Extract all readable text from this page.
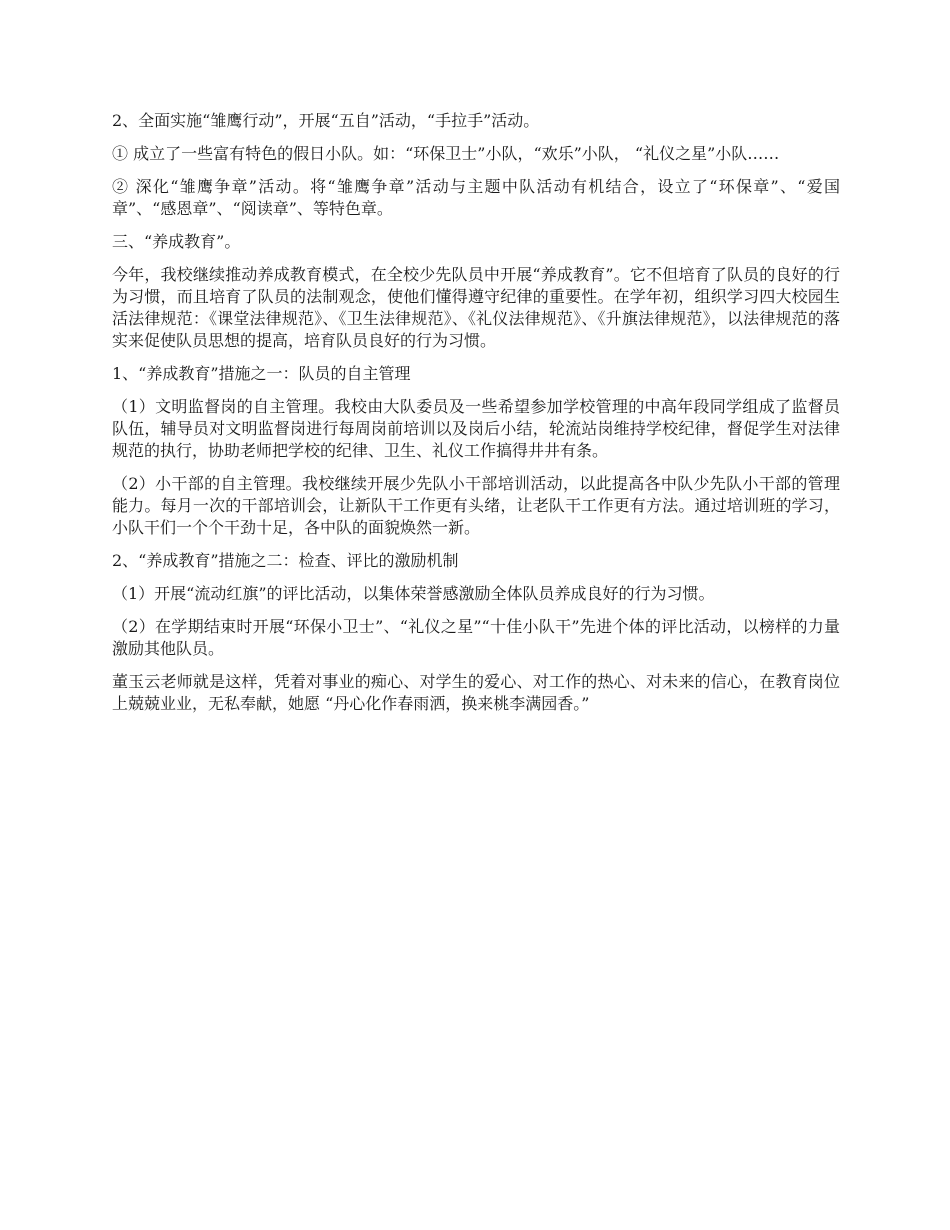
2、全面实施“雏鹰行动”，开展“五自”活动，“手拉手”活动。

① 成立了一些富有特色的假日小队。如：“环保卫士”小队，“欢乐”小队， “礼仪之星”小队……

② 深化“雏鹰争章”活动。将“雏鹰争章”活动与主题中队活动有机结合，设立了“环保章”、“爱国章”、“感恩章”、“阅读章”、等特色章。

三、“养成教育”。

今年，我校继续推动养成教育模式，在全校少先队员中开展“养成教育”。它不但培育了队员的良好的行为习惯，而且培育了队员的法制观念，使他们懂得遵守纪律的重要性。在学年初，组织学习四大校园生活法律规范：《课堂法律规范》、《卫生法律规范》、《礼仪法律规范》、《升旗法律规范》，以法律规范的落实来促使队员思想的提高，培育队员良好的行为习惯。

1、“养成教育”措施之一：队员的自主管理

（1）文明监督岗的自主管理。我校由大队委员及一些希望参加学校管理的中高年段同学组成了监督员队伍，辅导员对文明监督岗进行每周岗前培训以及岗后小结，轮流站岗维持学校纪律，督促学生对法律规范的执行，协助老师把学校的纪律、卫生、礼仪工作搞得井井有条。

（2）小干部的自主管理。我校继续开展少先队小干部培训活动，以此提高各中队少先队小干部的管理能力。每月一次的干部培训会，让新队干工作更有头绪，让老队干工作更有方法。通过培训班的学习，小队干们一个个干劲十足，各中队的面貌焕然一新。

2、“养成教育”措施之二：检查、评比的激励机制

（1）开展“流动红旗”的评比活动，以集体荣誉感激励全体队员养成良好的行为习惯。

（2）在学期结束时开展“环保小卫士”、“礼仪之星”“十佳小队干”先进个体的评比活动，以榜样的力量激励其他队员。

董玉云老师就是这样，凭着对事业的痴心、对学生的爱心、对工作的热心、对未来的信心，在教育岗位上兢兢业业，无私奉献，她愿 “丹心化作春雨洒，换来桃李满园香。”
